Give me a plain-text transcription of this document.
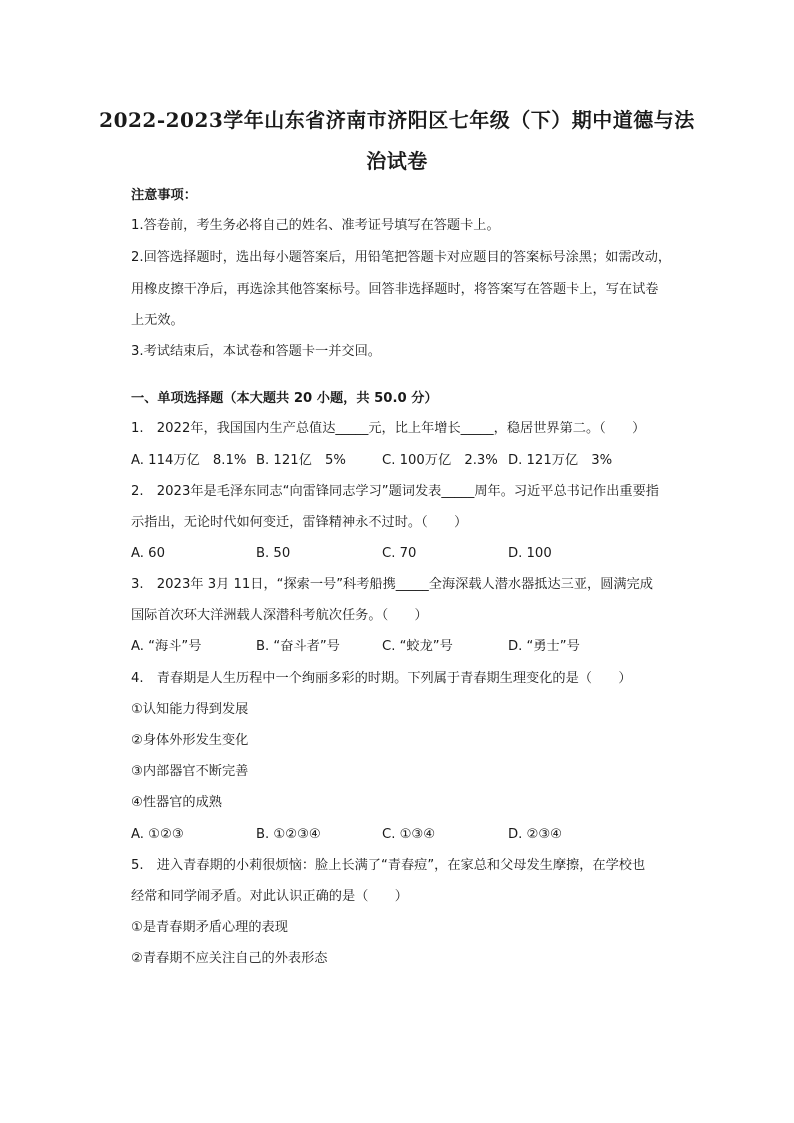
2022-2023学年山东省济南市济阳区七年级（下）期中道德与法
治试卷
注意事项：
1.答卷前，考生务必将自己的姓名、准考证号填写在答题卡上。
2.回答选择题时，选出每小题答案后，用铅笔把答题卡对应题目的答案标号涂黑；如需改动，
用橡皮擦干净后，再选涂其他答案标号。回答非选择题时，将答案写在答题卡上，写在试卷
上无效。
3.考试结束后，本试卷和答题卡一并交回。
一、单项选择题（本大题共 20 小题，共 50.0 分）
1.　2022年，我国国内生产总值达_____元，比上年增长_____，稳居世界第二。（　　）
A. 114万亿　8.1% B. 121亿　5%	C. 100万亿　2.3% D. 121万亿　3%
2.　2023年是毛泽东同志“向雷锋同志学习”题词发表_____周年。习近平总书记作出重要指
示指出，无论时代如何变迁，雷锋精神永不过时。（　　）
A. 60	B. 50	C. 70	D. 100
3.　2023年 3月 11日，“探索一号”科考船携_____全海深载人潜水器抵达三亚，圆满完成
国际首次环大洋洲载人深潜科考航次任务。（　　）
A. “海斗”号	B. “奋斗者”号	C. “蛟龙”号	D. “勇士”号
4.　青春期是人生历程中一个绚丽多彩的时期。下列属于青春期生理变化的是（　　）
①认知能力得到发展
②身体外形发生变化
③内部器官不断完善
④性器官的成熟
A. ①②③	B. ①②③④	C. ①③④	D. ②③④
5.　进入青春期的小莉很烦恼：脸上长满了“青春痘”，在家总和父母发生摩擦，在学校也
经常和同学闹矛盾。对此认识正确的是（　　）
①是青春期矛盾心理的表现
②青春期不应关注自己的外表形态
